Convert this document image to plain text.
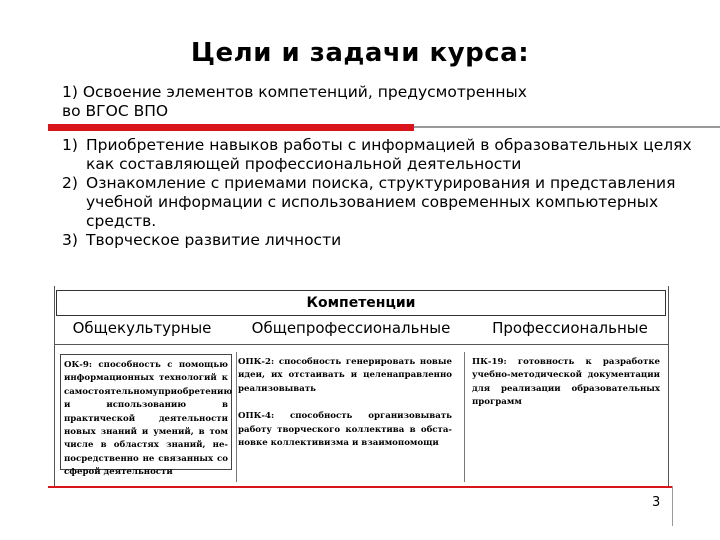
Цели и задачи курса:
1) Освоение элементов компетенций, предусмотренных
во ВГОС ВПО
1) Приобретение навыков работы с информацией в образовательных целях как составляющей профессиональной деятельности
2) Ознакомление с приемами поиска, структурирования и представления учебной информации с использованием современных компьютерных средств.
3) Творческое развитие личности
Компетенции
Общекультурные	Общепрофессиональные	Профессиональные
ОК-9: способность с помощью информационных технологий к самостоятельномуприобретению и использованию в практической деятельности новых знаний и умений, в том числе в областях знаний, не-посредственно не связанных со сферой деятельности
ОПК-2: способность генерировать новые идеи, их отстаивать и целенаправленно реализовывать
ОПК-4: способность организовывать работу творческого коллектива в обста-новке коллективизма и взаимопомощи
ПК-19: готовность к разработке учебно-методической документации для реализации образовательных программ
3
